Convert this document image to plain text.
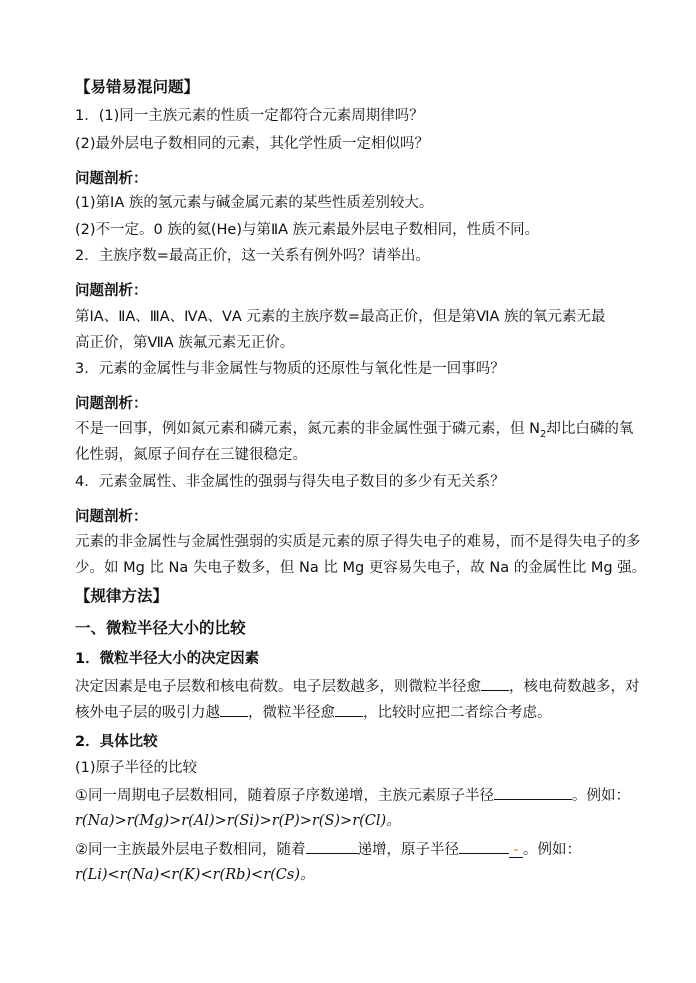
【易错易混问题】
1．(1)同一主族元素的性质一定都符合元素周期律吗？
(2)最外层电子数相同的元素，其化学性质一定相似吗？
问题剖析：
(1)第ⅠA 族的氢元素与碱金属元素的某些性质差别较大。
(2)不一定。0 族的氦(He)与第ⅡA 族元素最外层电子数相同，性质不同。
2．主族序数=最高正价，这一关系有例外吗？请举出。
问题剖析：
第ⅠA、ⅡA、ⅢA、ⅣA、ⅤA 元素的主族序数=最高正价，但是第ⅥA 族的氧元素无最
高正价，第ⅦA 族氟元素无正价。
3．元素的金属性与非金属性与物质的还原性与氧化性是一回事吗？
问题剖析：
不是一回事，例如氮元素和磷元素，氮元素的非金属性强于磷元素，但 $N_2$却比白磷的氧
化性弱，氮原子间存在三键很稳定。
4．元素金属性、非金属性的强弱与得失电子数目的多少有无关系？
问题剖析：
元素的非金属性与金属性强弱的实质是元素的原子得失电子的难易，而不是得失电子的多
少。如 Mg 比 Na 失电子数多，但 Na 比 Mg 更容易失电子，故 Na 的金属性比 Mg 强。
【规律方法】
一、微粒半径大小的比较
1．微粒半径大小的决定因素
决定因素是电子层数和核电荷数。电子层数越多，则微粒半径愈 ，核电荷数越多，对
核外电子层的吸引力越 ，微粒半径愈 ，比较时应把二者综合考虑。
2．具体比较
(1)原子半径的比较
①同一周期电子层数相同，随着原子序数递增，主族元素原子半径	。例如：
r(Na)>r(Mg)>r(Al)>r(Si)>r(P)>r(S)>r(Cl)。
②同一主族最外层电子数相同，随着	递增，原子半径	- 。例如：
r(Li)<r(Na)<r(K)<r(Rb)<r(Cs)。
